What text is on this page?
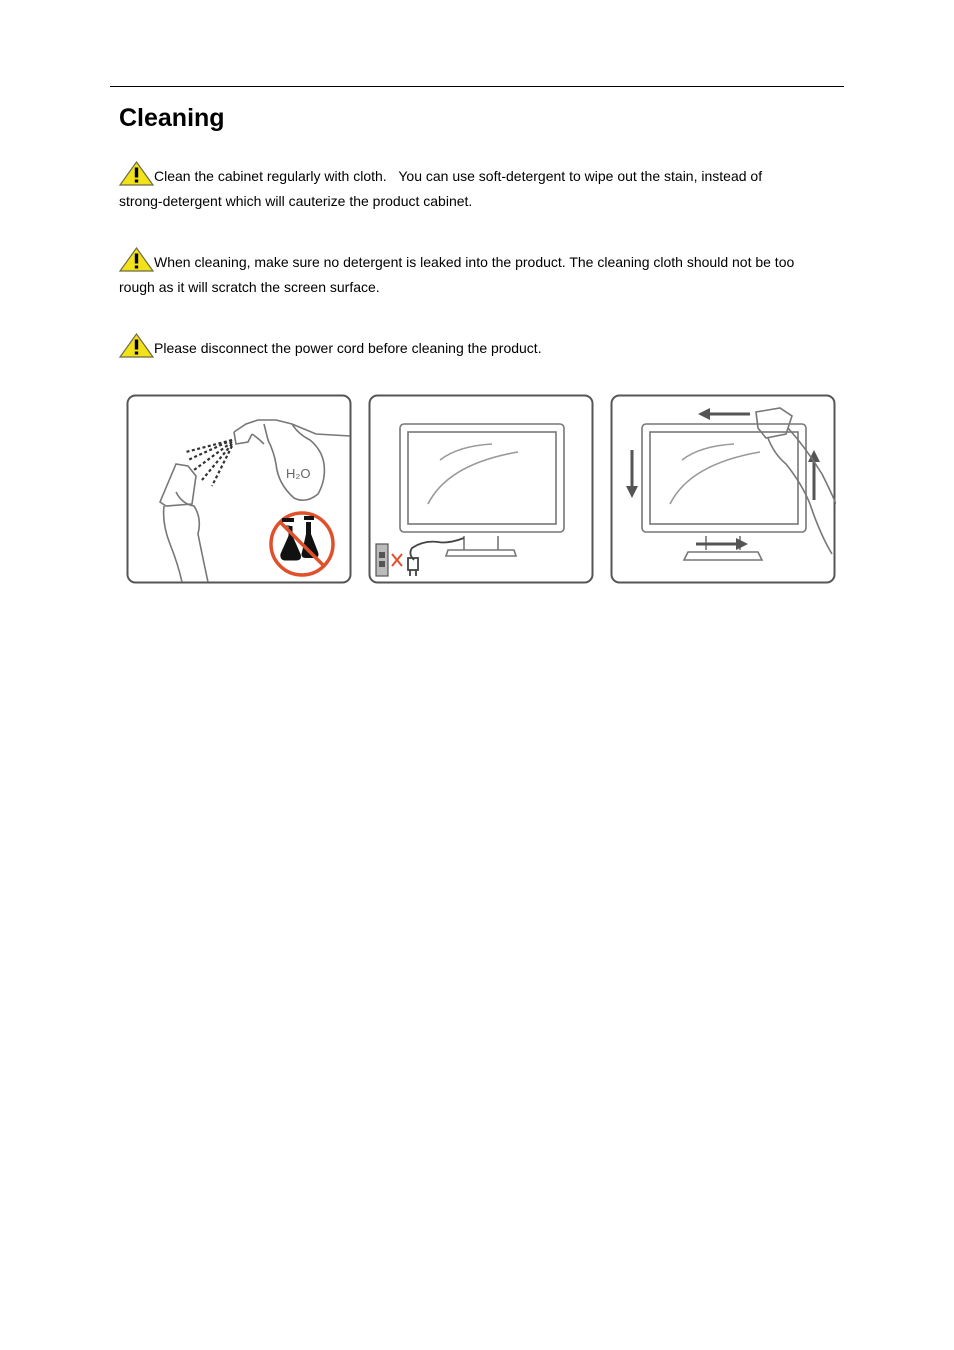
Cleaning
Clean the cabinet regularly with cloth.   You can use soft-detergent to wipe out the stain, instead of
strong-detergent which will cauterize the product cabinet.
When cleaning, make sure no detergent is leaked into the product. The cleaning cloth should not be too
rough as it will scratch the screen surface.
Please disconnect the power cord before cleaning the product.
H₂O
